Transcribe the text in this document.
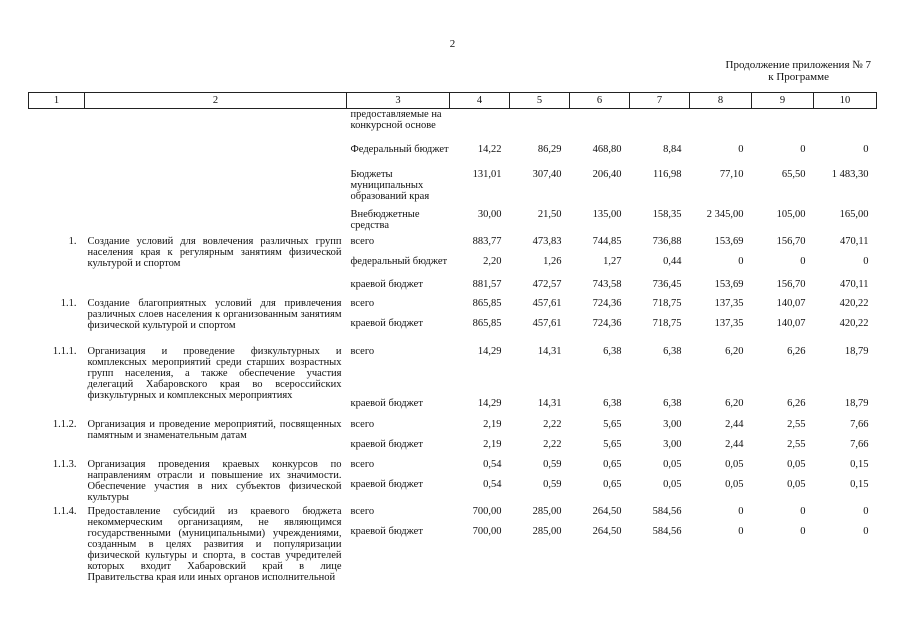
2
Продолжение приложения № 7
к Программе
1	2	3	4	5	6	7	8	9	10
		предоставляемые на конкурсной основе							
		Федеральный бюджет	14,22	86,29	468,80	8,84	0	0	0
		Бюджеты муниципальных образований края	131,01	307,40	206,40	116,98	77,10	65,50	1 483,30
		Внебюджетные средства	30,00	21,50	135,00	158,35	2 345,00	105,00	165,00
1.	Создание условий для вовлечения различных групп населения края к регулярным занятиям физической культурой и спортом	всего	883,77	473,83	744,85	736,88	153,69	156,70	470,11
		федеральный бюджет	2,20	1,26	1,27	0,44	0	0	0
		краевой бюджет	881,57	472,57	743,58	736,45	153,69	156,70	470,11
1.1.	Создание благоприятных условий для привлечения различных слоев населения к организованным занятиям физической культурой и спортом	всего	865,85	457,61	724,36	718,75	137,35	140,07	420,22
		краевой бюджет	865,85	457,61	724,36	718,75	137,35	140,07	420,22
1.1.1.	Организация и проведение физкультурных и комплексных мероприятий среди старших возрастных групп населения, а также обеспечение участия делегаций Хабаровского края во всероссийских физкультурных и комплексных мероприятиях	всего	14,29	14,31	6,38	6,38	6,20	6,26	18,79
		краевой бюджет	14,29	14,31	6,38	6,38	6,20	6,26	18,79
1.1.2.	Организация и проведение мероприятий, посвященных памятным и знаменательным датам	всего	2,19	2,22	5,65	3,00	2,44	2,55	7,66
		краевой бюджет	2,19	2,22	5,65	3,00	2,44	2,55	7,66
1.1.3.	Организация проведения краевых конкурсов по направлениям отрасли и повышение их значимости. Обеспечение участия в них субъектов физической культуры	всего	0,54	0,59	0,65	0,05	0,05	0,05	0,15
		краевой бюджет	0,54	0,59	0,65	0,05	0,05	0,05	0,15
1.1.4.	Предоставление субсидий из краевого бюджета некоммерческим организациям, не являющимся государственными (муниципальными) учреждениями, созданным в целях развития и популяризации физической культуры и спорта, в состав учредителей которых входит Хабаровский край в лице Правительства края или иных органов исполнительной	всего	700,00	285,00	264,50	584,56	0	0	0
		краевой бюджет	700,00	285,00	264,50	584,56	0	0	0
